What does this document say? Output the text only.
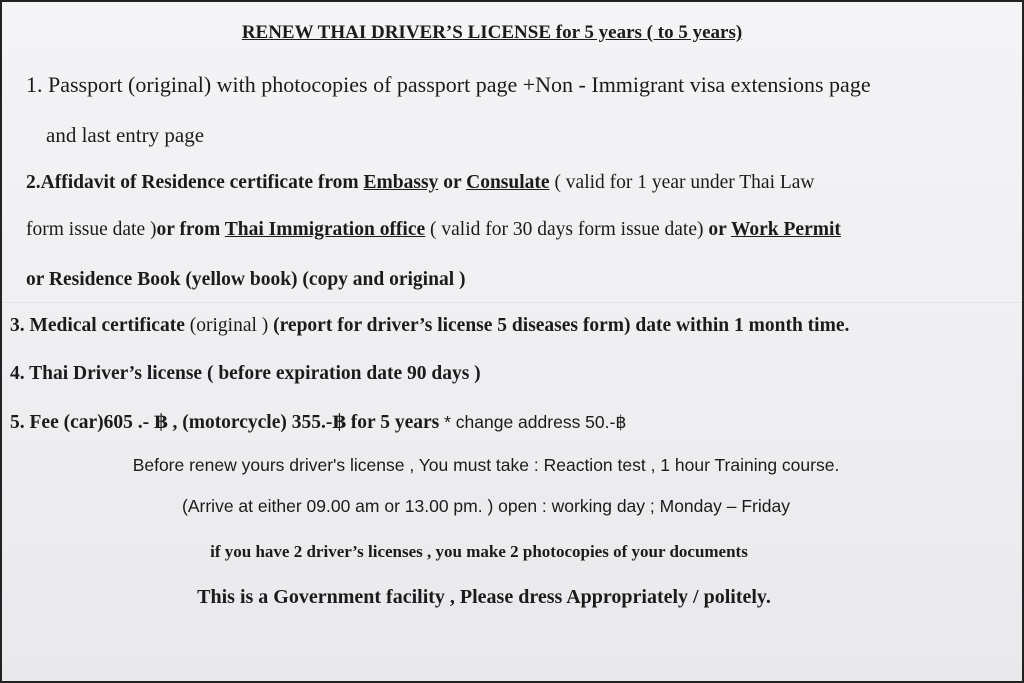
RENEW THAI DRIVER’S LICENSE for 5 years ( to 5 years)
1. Passport (original) with photocopies of passport page +Non - Immigrant visa extensions page
and last entry page
2.Affidavit of Residence certificate from Embassy or Consulate ( valid for 1 year under Thai Law
form issue date )or from Thai Immigration office ( valid for 30 days form issue date) or Work Permit
or Residence Book (yellow book) (copy and original )
3. Medical certificate (original ) (report for driver’s license 5 diseases form) date within 1 month time.
4. Thai Driver’s license ( before expiration date 90 days )
5. Fee (car)605 .- ฿ , (motorcycle) 355.-฿ for 5 years * change address 50.-฿
Before renew yours driver's license , You must take : Reaction test , 1 hour Training course.
(Arrive at either 09.00 am or 13.00 pm. ) open : working day ; Monday – Friday
if you have 2 driver’s licenses , you make 2 photocopies of your documents
This is a Government facility , Please dress Appropriately / politely.
